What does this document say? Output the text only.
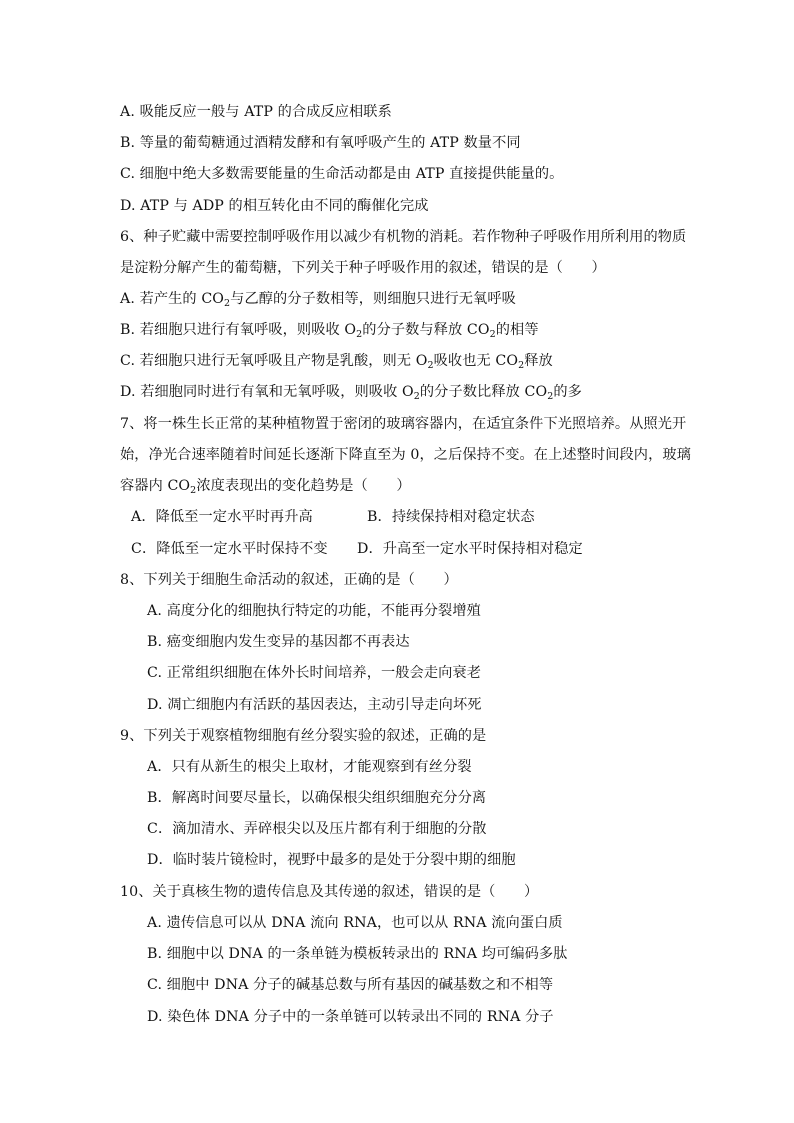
A. 吸能反应一般与 ATP 的合成反应相联系
B. 等量的葡萄糖通过酒精发酵和有氧呼吸产生的 ATP 数量不同
C. 细胞中绝大多数需要能量的生命活动都是由 ATP 直接提供能量的。
D. ATP 与 ADP 的相互转化由不同的酶催化完成
6、种子贮藏中需要控制呼吸作用以减少有机物的消耗。若作物种子呼吸作用所利用的物质
是淀粉分解产生的葡萄糖，下列关于种子呼吸作用的叙述，错误的是（　　）
A. 若产生的 $CO_2$与乙醇的分子数相等，则细胞只进行无氧呼吸
B. 若细胞只进行有氧呼吸，则吸收 $O_2$的分子数与释放 $CO_2$的相等
C. 若细胞只进行无氧呼吸且产物是乳酸，则无 $O_2$吸收也无 $CO_2$释放
D. 若细胞同时进行有氧和无氧呼吸，则吸收 $O_2$的分子数比释放 $CO_2$的多
7、将一株生长正常的某种植物置于密闭的玻璃容器内，在适宜条件下光照培养。从照光开
始，净光合速率随着时间延长逐渐下降直至为 0，之后保持不变。在上述整时间段内，玻璃
容器内 $CO_2$浓度表现出的变化趋势是（　　）
A．降低至一定水平时再升高	B．持续保持相对稳定状态
C．降低至一定水平时保持不变 D．升高至一定水平时保持相对稳定
8、下列关于细胞生命活动的叙述，正确的是（　　）
A. 高度分化的细胞执行特定的功能，不能再分裂增殖
B. 癌变细胞内发生变异的基因都不再表达
C. 正常组织细胞在体外长时间培养，一般会走向衰老
D. 凋亡细胞内有活跃的基因表达，主动引导走向坏死
9、下列关于观察植物细胞有丝分裂实验的叙述，正确的是
A．只有从新生的根尖上取材，才能观察到有丝分裂
B．解离时间要尽量长，以确保根尖组织细胞充分分离
C．滴加清水、弄碎根尖以及压片都有利于细胞的分散
D．临时装片镜检时，视野中最多的是处于分裂中期的细胞
10、关于真核生物的遗传信息及其传递的叙述，错误的是（　　）
A. 遗传信息可以从 DNA 流向 RNA，也可以从 RNA 流向蛋白质
B. 细胞中以 DNA 的一条单链为模板转录出的 RNA 均可编码多肽
C. 细胞中 DNA 分子的碱基总数与所有基因的碱基数之和不相等
D. 染色体 DNA 分子中的一条单链可以转录出不同的 RNA 分子
